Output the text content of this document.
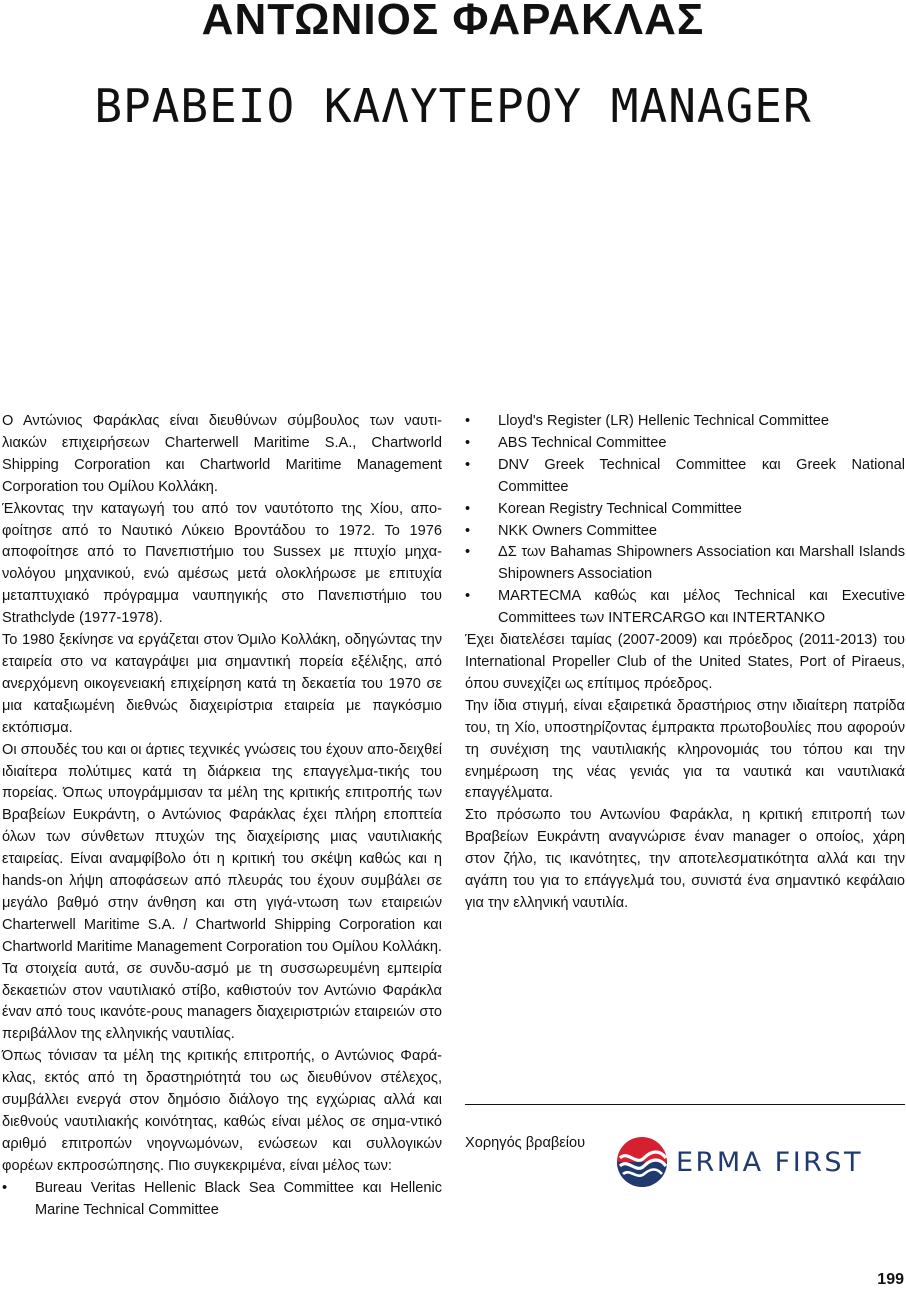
ΑΝΤΩΝΙΟΣ ΦΑΡΑΚΛΑΣ
ΒΡΑΒΕΙΟ ΚΑΛΥΤΕΡΟΥ MANAGER

Ο Αντώνιος Φαράκλας είναι διευθύνων σύμβουλος των ναυτι-λιακών επιχειρήσεων Charterwell Maritime S.A., Chartworld Shipping Corporation και Chartworld Maritime Management Corporation του Ομίλου Κολλάκη.

Έλκοντας την καταγωγή του από τον ναυτότοπο της Χίου, απο-φοίτησε από το Ναυτικό Λύκειο Βροντάδου το 1972. Το 1976 αποφοίτησε από το Πανεπιστήμιο του Sussex με πτυχίο μηχα-νολόγου μηχανικού, ενώ αμέσως μετά ολοκλήρωσε με επιτυχία μεταπτυχιακό πρόγραμμα ναυπηγικής στο Πανεπιστήμιο του Strathclyde (1977-1978).

Το 1980 ξεκίνησε να εργάζεται στον Όμιλο Κολλάκη, οδηγώντας την εταιρεία στο να καταγράψει μια σημαντική πορεία εξέλιξης, από ανερχόμενη οικογενειακή επιχείρηση κατά τη δεκαετία του 1970 σε μια καταξιωμένη διεθνώς διαχειρίστρια εταιρεία με παγκόσμιο εκτόπισμα.

Οι σπουδές του και οι άρτιες τεχνικές γνώσεις του έχουν απο-δειχθεί ιδιαίτερα πολύτιμες κατά τη διάρκεια της επαγγελμα-τικής του πορείας. Όπως υπογράμμισαν τα μέλη της κριτικής επιτροπής των Βραβείων Ευκράντη, ο Αντώνιος Φαράκλας έχει πλήρη εποπτεία όλων των σύνθετων πτυχών της διαχείρισης μιας ναυτιλιακής εταιρείας. Είναι αναμφίβολο ότι η κριτική του σκέψη καθώς και η hands-on λήψη αποφάσεων από πλευράς του έχουν συμβάλει σε μεγάλο βαθμό στην άνθηση και στη γιγά-ντωση των εταιρειών Charterwell Maritime S.A. / Chartworld Shipping Corporation και Chartworld Maritime Management Corporation του Ομίλου Κολλάκη. Τα στοιχεία αυτά, σε συνδυ-ασμό με τη συσσωρευμένη εμπειρία δεκαετιών στον ναυτιλιακό στίβο, καθιστούν τον Αντώνιο Φαράκλα έναν από τους ικανότε-ρους managers διαχειριστριών εταιρειών στο περιβάλλον της ελληνικής ναυτιλίας.

Όπως τόνισαν τα μέλη της κριτικής επιτροπής, ο Αντώνιος Φαρά-κλας, εκτός από τη δραστηριότητά του ως διευθύνον στέλεχος, συμβάλλει ενεργά στον δημόσιο διάλογο της εγχώριας αλλά και διεθνούς ναυτιλιακής κοινότητας, καθώς είναι μέλος σε σημα-ντικό αριθμό επιτροπών νηογνωμόνων, ενώσεων και συλλογικών φορέων εκπροσώπησης. Πιο συγκεκριμένα, είναι μέλος των:

• Bureau Veritas Hellenic Black Sea Committee και Hellenic Marine Technical Committee
• Lloyd's Register (LR) Hellenic Technical Committee
• ABS Technical Committee
• DNV Greek Technical Committee και Greek National Committee
• Korean Registry Technical Committee
• NKK Owners Committee
• ΔΣ των Bahamas Shipowners Association και Marshall Islands Shipowners Association
• MARTECMA καθώς και μέλος Technical και Executive Committees των INTERCARGO και INTERTANKO

Έχει διατελέσει ταμίας (2007-2009) και πρόεδρος (2011-2013) του International Propeller Club of the United States, Port of Piraeus, όπου συνεχίζει ως επίτιμος πρόεδρος.

Την ίδια στιγμή, είναι εξαιρετικά δραστήριος στην ιδιαίτερη πατρίδα του, τη Χίο, υποστηρίζοντας έμπρακτα πρωτοβουλίες που αφορούν τη συνέχιση της ναυτιλιακής κληρονομιάς του τόπου και την ενημέρωση της νέας γενιάς για τα ναυτικά και ναυτιλιακά επαγγέλματα.

Στο πρόσωπο του Αντωνίου Φαράκλα, η κριτική επιτροπή των Βραβείων Ευκράντη αναγνώρισε έναν manager ο οποίος, χάρη στον ζήλο, τις ικανότητες, την αποτελεσματικότητα αλλά και την αγάπη του για το επάγγελμά του, συνιστά ένα σημαντικό κεφάλαιο για την ελληνική ναυτιλία.

Χορηγός βραβείου
ERMA FIRST
199
